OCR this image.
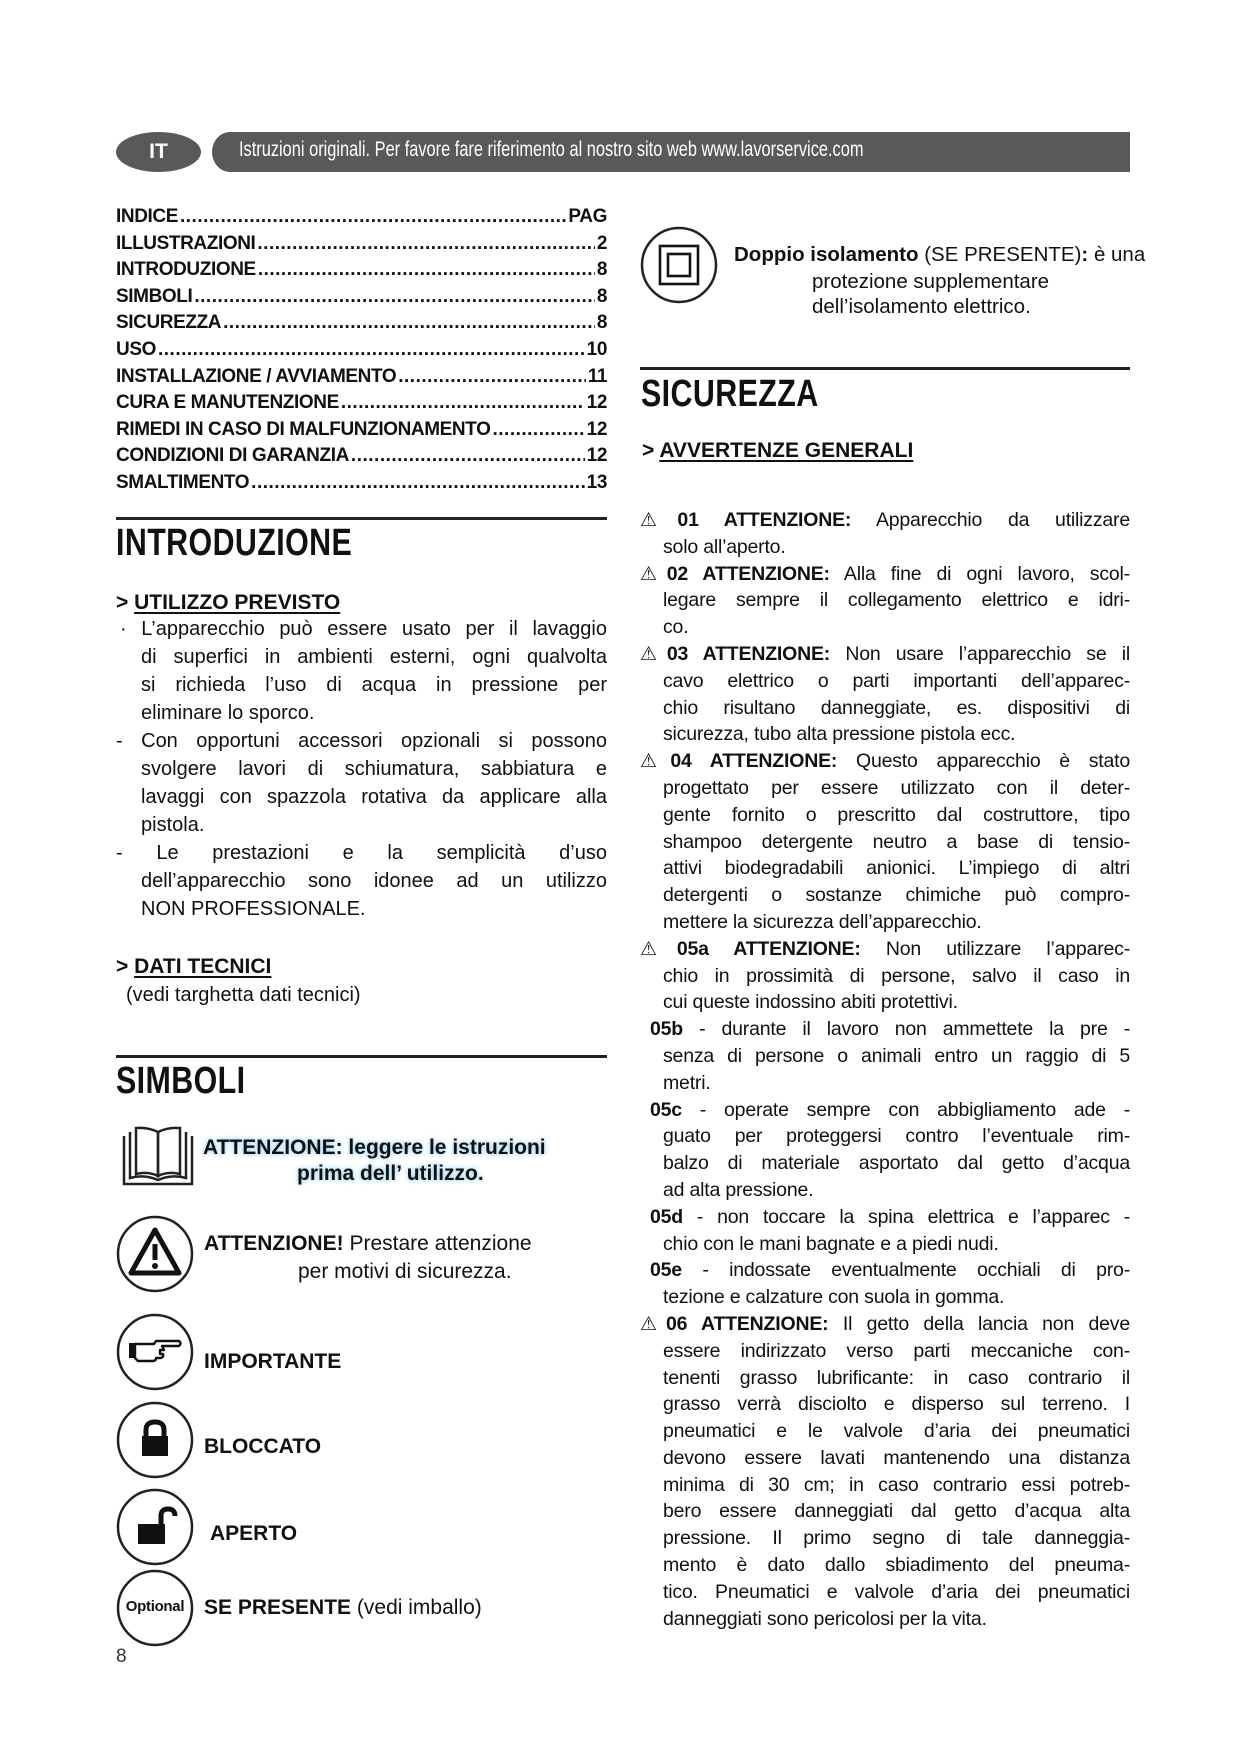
IT	Istruzioni originali. Per favore fare riferimento al nostro sito web www.lavorservice.com
INDICE .....	PAG
ILLUSTRAZIONI .....	2
INTRODUZIONE .....	8
SIMBOLI .....	8
SICUREZZA .....	8
USO .....	10
INSTALLAZIONE / AVVIAMENTO .....	11
CURA E MANUTENZIONE .....	12
RIMEDI IN CASO DI MALFUNZIONAMENTO .....	12
CONDIZIONI DI GARANZIA .....	12
SMALTIMENTO .....	13
INTRODUZIONE
> UTILIZZO PREVISTO
· L’apparecchio può essere usato per il lavaggio
di superfici in ambienti esterni, ogni qualvolta
si richieda l’uso di acqua in pressione per
eliminare lo sporco.
- Con opportuni accessori opzionali si possono
svolgere lavori di schiumatura, sabbiatura e
lavaggi con spazzola rotativa da applicare alla
pistola.
- Le prestazioni e la semplicità d’uso
dell’apparecchio sono idonee ad un utilizzo
NON PROFESSIONALE.
> DATI TECNICI
(vedi targhetta dati tecnici)
SIMBOLI
ATTENZIONE: leggere le istruzioni
prima dell’ utilizzo.
ATTENZIONE! Prestare attenzione
per motivi di sicurezza.
IMPORTANTE
BLOCCATO
APERTO
Optional SE PRESENTE (vedi imballo)
8
Doppio isolamento (SE PRESENTE): è una
protezione supplementare
dell’isolamento elettrico.
SICUREZZA
> AVVERTENZE GENERALI
⚠01 ATTENZIONE: Apparecchio da utilizzare
solo all’aperto.
⚠02 ATTENZIONE: Alla fine di ogni lavoro, scol-
legare sempre il collegamento elettrico e idri-
co.
⚠03 ATTENZIONE: Non usare l’apparecchio se il
cavo elettrico o parti importanti dell’apparec-
chio risultano danneggiate, es. dispositivi di
sicurezza, tubo alta pressione pistola ecc.
⚠04 ATTENZIONE: Questo apparecchio è stato
progettato per essere utilizzato con il deter-
gente fornito o prescritto dal costruttore, tipo
shampoo detergente neutro a base di tensio-
attivi biodegradabili anionici. L’impiego di altri
detergenti o sostanze chimiche può compro-
mettere la sicurezza dell’apparecchio.
⚠05a ATTENZIONE: Non utilizzare l’apparec-
chio in prossimità di persone, salvo il caso in
cui queste indossino abiti protettivi.
05b - durante il lavoro non ammettete la pre -
senza di persone o animali entro un raggio di 5
metri.
05c - operate sempre con abbigliamento ade -
guato per proteggersi contro l’eventuale rim-
balzo di materiale asportato dal getto d’acqua
ad alta pressione.
05d - non toccare la spina elettrica e l’apparec -
chio con le mani bagnate e a piedi nudi.
05e - indossate eventualmente occhiali di pro-
tezione e calzature con suola in gomma.
⚠06 ATTENZIONE: Il getto della lancia non deve
essere indirizzato verso parti meccaniche con-
tenenti grasso lubrificante: in caso contrario il
grasso verrà disciolto e disperso sul terreno. I
pneumatici e le valvole d’aria dei pneumatici
devono essere lavati mantenendo una distanza
minima di 30 cm; in caso contrario essi potreb-
bero essere danneggiati dal getto d’acqua alta
pressione. Il primo segno di tale danneggia-
mento è dato dallo sbiadimento del pneuma-
tico. Pneumatici e valvole d’aria dei pneumatici
danneggiati sono pericolosi per la vita.
